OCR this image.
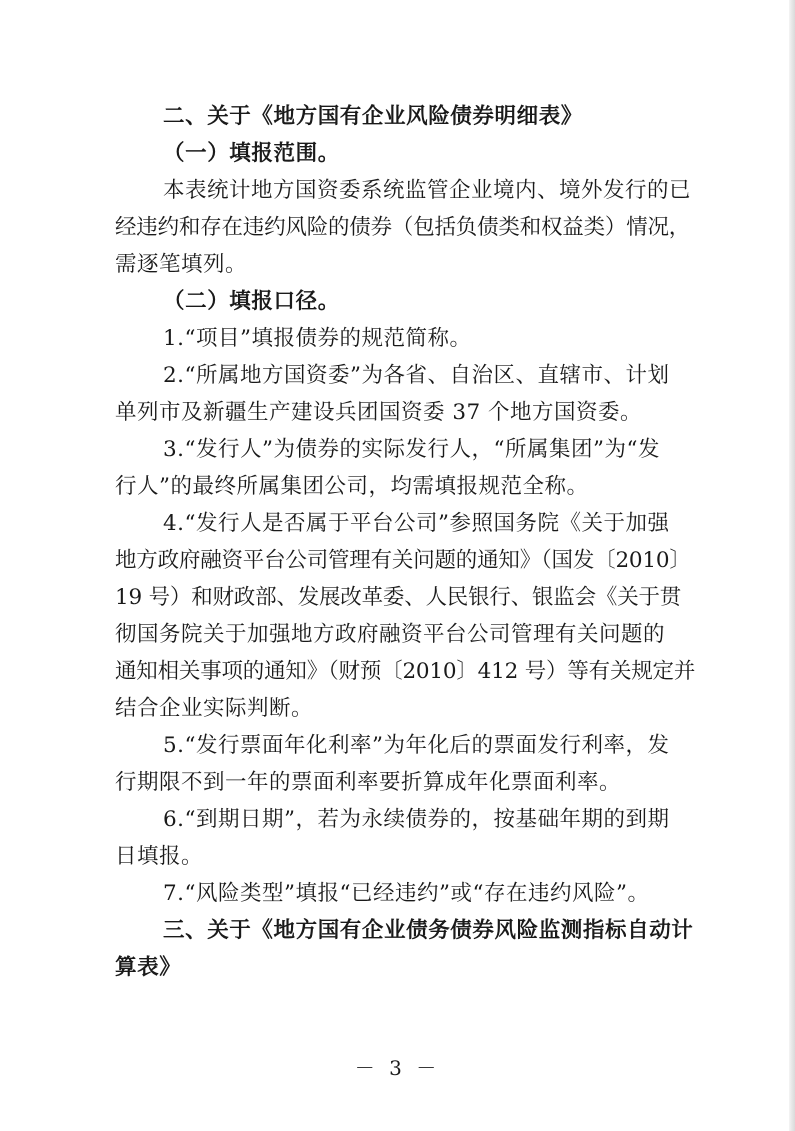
二、关于《地方国有企业风险债券明细表》
（一）填报范围。
本表统计地方国资委系统监管企业境内、境外发行的已
经违约和存在违约风险的债券（包括负债类和权益类）情况，
需逐笔填列。
（二）填报口径。
1.“项目”填报债券的规范简称。
2.“所属地方国资委”为各省、自治区、直辖市、计划
单列市及新疆生产建设兵团国资委 37 个地方国资委。
3.“发行人”为债券的实际发行人，“所属集团”为“发
行人”的最终所属集团公司，均需填报规范全称。
4.“发行人是否属于平台公司”参照国务院《关于加强
地方政府融资平台公司管理有关问题的通知》（国发〔2010〕
19 号）和财政部、发展改革委、人民银行、银监会《关于贯
彻国务院关于加强地方政府融资平台公司管理有关问题的
通知相关事项的通知》（财预〔2010〕412 号）等有关规定并
结合企业实际判断。
5.“发行票面年化利率”为年化后的票面发行利率，发
行期限不到一年的票面利率要折算成年化票面利率。
6.“到期日期”，若为永续债券的，按基础年期的到期
日填报。
7.“风险类型”填报“已经违约”或“存在违约风险”。
三、关于《地方国有企业债务债券风险监测指标自动计
算表》
－ 3 －
